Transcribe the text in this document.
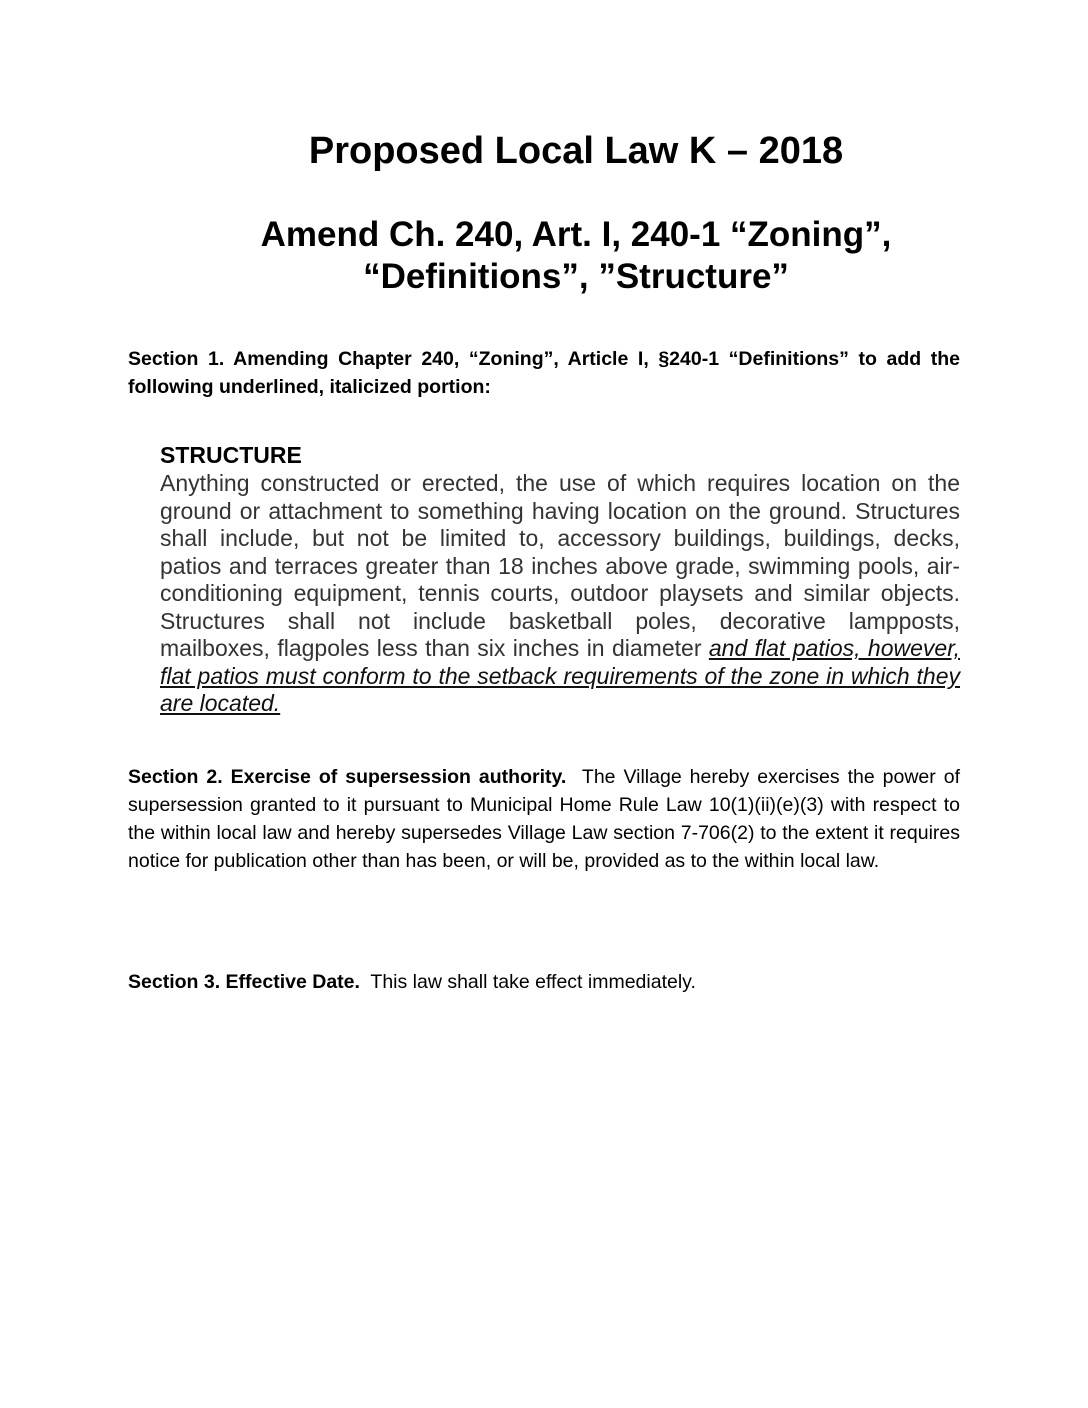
Proposed Local Law K – 2018
Amend Ch. 240, Art. I, 240-1 “Zoning”,
“Definitions”, ”Structure”

Section 1. Amending Chapter 240, “Zoning”, Article I, §240-1 “Definitions” to add the following underlined, italicized portion:

STRUCTURE

Anything constructed or erected, the use of which requires location on the ground or attachment to something having location on the ground. Structures shall include, but not be limited to, accessory buildings, buildings, decks, patios and terraces greater than 18 inches above grade, swimming pools, air-conditioning equipment, tennis courts, outdoor playsets and similar objects. Structures shall not include basketball poles, decorative lampposts, mailboxes, flagpoles less than six inches in diameter and flat patios, however, flat patios must conform to the setback requirements of the zone in which they are located.

Section 2. Exercise of supersession authority. The Village hereby exercises the power of supersession granted to it pursuant to Municipal Home Rule Law 10(1)(ii)(e)(3) with respect to the within local law and hereby supersedes Village Law section 7-706(2) to the extent it requires notice for publication other than has been, or will be, provided as to the within local law.

Section 3. Effective Date. This law shall take effect immediately.
